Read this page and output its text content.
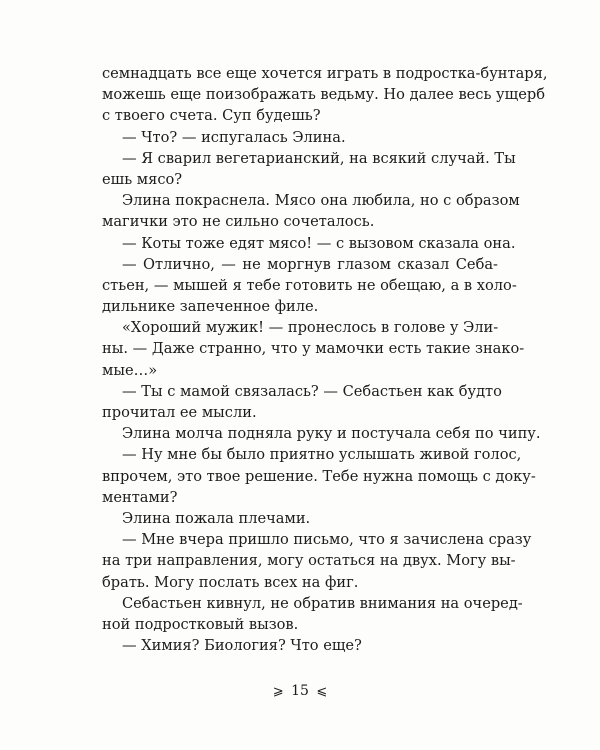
семнадцать все еще хочется играть в подростка-бунтаря,
можешь еще поизображать ведьму. Но далее весь ущерб
с твоего счета. Суп будешь?
— Что? — испугалась Элина.
— Я сварил вегетарианский, на всякий случай. Ты
ешь мясо?
Элина покраснела. Мясо она любила, но с образом
магички это не сильно сочеталось.
— Коты тоже едят мясо! — с вызовом сказала она.
— Отлично, — не моргнув глазом сказал Себа-
стьен, — мышей я тебе готовить не обещаю, а в холо-
дильнике запеченное филе.
«Хороший мужик! — пронеслось в голове у Эли-
ны. — Даже странно, что у мамочки есть такие знако-
мые…»
— Ты с мамой связалась? — Себастьен как будто
прочитал ее мысли.
Элина молча подняла руку и постучала себя по чипу.
— Ну мне бы было приятно услышать живой голос,
впрочем, это твое решение. Тебе нужна помощь с доку-
ментами?
Элина пожала плечами.
— Мне вчера пришло письмо, что я зачислена сразу
на три направления, могу остаться на двух. Могу вы-
брать. Могу послать всех на фиг.
Себастьен кивнул, не обратив внимания на очеред-
ной подростковый вызов.
— Химия? Биология? Что еще?
⩾ 15 ⩽
